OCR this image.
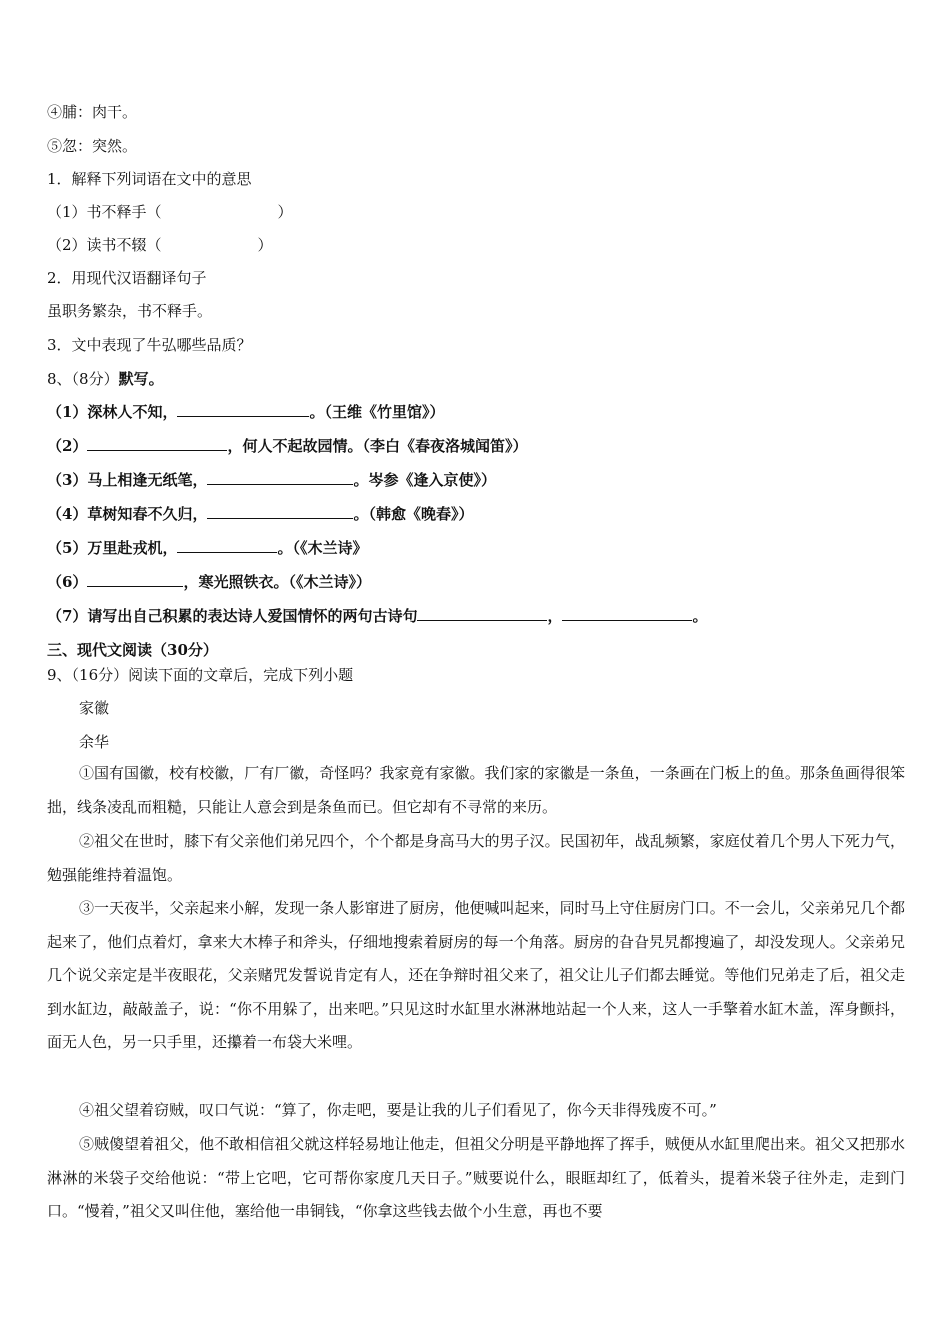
④脯：肉干。
⑤忽：突然。
1．解释下列词语在文中的意思
（1）书不释手（	）
（2）读书不辍（	）
2．用现代汉语翻译句子
虽职务繁杂，书不释手。
3．文中表现了牛弘哪些品质？
8、（8分）默写。
（1）深林人不知，	。（王维《竹里馆》）
（2）	，何人不起故园情。（李白《春夜洛城闻笛》）
（3）马上相逢无纸笔，	。岑参《逢入京使》）
（4）草树知春不久归，	。（韩愈《晚春》）
（5）万里赴戎机，	。（《木兰诗》
（6）	，寒光照铁衣。（《木兰诗》）
（7）请写出自己积累的表达诗人爱国情怀的两句古诗句	，	。
三、现代文阅读（30分）
9、（16分）阅读下面的文章后，完成下列小题
家徽
余华
①国有国徽，校有校徽，厂有厂徽，奇怪吗？我家竟有家徽。我们家的家徽是一条鱼，一条画在门板上的鱼。那条鱼画得很笨拙，线条凌乱而粗糙，只能让人意会到是条鱼而已。但它却有不寻常的来历。
②祖父在世时，膝下有父亲他们弟兄四个，个个都是身高马大的男子汉。民国初年，战乱频繁，家庭仗着几个男人下死力气，勉强能维持着温饱。
③一天夜半，父亲起来小解，发现一条人影窜进了厨房，他便喊叫起来，同时马上守住厨房门口。不一会儿，父亲弟兄几个都起来了，他们点着灯，拿来大木棒子和斧头，仔细地搜索着厨房的每一个角落。厨房的旮旮旯旯都搜遍了，却没发现人。父亲弟兄几个说父亲定是半夜眼花，父亲赌咒发誓说肯定有人，还在争辩时祖父来了，祖父让儿子们都去睡觉。等他们兄弟走了后，祖父走到水缸边，敲敲盖子，说：“你不用躲了，出来吧。”只见这时水缸里水淋淋地站起一个人来，这人一手擎着水缸木盖，浑身颤抖，面无人色，另一只手里，还攥着一布袋大米哩。
④祖父望着窃贼，叹口气说：“算了，你走吧，要是让我的儿子们看见了，你今天非得残废不可。”
⑤贼傻望着祖父，他不敢相信祖父就这样轻易地让他走，但祖父分明是平静地挥了挥手，贼便从水缸里爬出来。祖父又把那水淋淋的米袋子交给他说：“带上它吧，它可帮你家度几天日子。”贼要说什么，眼眶却红了，低着头，提着米袋子往外走，走到门口。“慢着，”祖父又叫住他，塞给他一串铜钱，“你拿这些钱去做个小生意，再也不要
